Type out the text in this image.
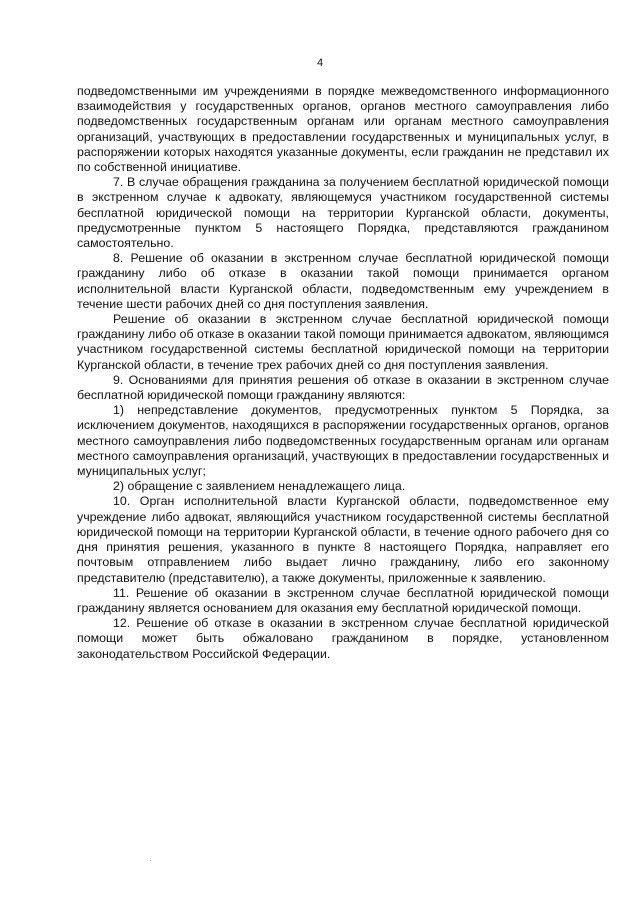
4

подведомственными им учреждениями в порядке межведомственного информационного взаимодействия у государственных органов, органов местного самоуправления либо подведомственных государственным органам или органам местного самоуправления организаций, участвующих в предоставлении государственных и муниципальных услуг, в распоряжении которых находятся указанные документы, если гражданин не представил их по собственной инициативе.

7. В случае обращения гражданина за получением бесплатной юридической помощи в экстренном случае к адвокату, являющемуся участником государственной системы бесплатной юридической помощи на территории Курганской области, документы, предусмотренные пунктом 5 настоящего Порядка, представляются гражданином самостоятельно.

8. Решение об оказании в экстренном случае бесплатной юридической помощи гражданину либо об отказе в оказании такой помощи принимается органом исполнительной власти Курганской области, подведомственным ему учреждением в течение шести рабочих дней со дня поступления заявления.

Решение об оказании в экстренном случае бесплатной юридической помощи гражданину либо об отказе в оказании такой помощи принимается адвокатом, являющимся участником государственной системы бесплатной юридической помощи на территории Курганской области, в течение трех рабочих дней со дня поступления заявления.

9. Основаниями для принятия решения об отказе в оказании в экстренном случае бесплатной юридической помощи гражданину являются:

1) непредставление документов, предусмотренных пунктом 5 Порядка, за исключением документов, находящихся в распоряжении государственных органов, органов местного самоуправления либо подведомственных государственным органам или органам местного самоуправления организаций, участвующих в предоставлении государственных и муниципальных услуг;

2) обращение с заявлением ненадлежащего лица.

10. Орган исполнительной власти Курганской области, подведомственное ему учреждение либо адвокат, являющийся участником государственной системы бесплатной юридической помощи на территории Курганской области, в течение одного рабочего дня со дня принятия решения, указанного в пункте 8 настоящего Порядка, направляет его почтовым отправлением либо выдает лично гражданину, либо его законному представителю (представителю), а также документы, приложенные к заявлению.

11. Решение об оказании в экстренном случае бесплатной юридической помощи гражданину является основанием для оказания ему бесплатной юридической помощи.

12. Решение об отказе в оказании в экстренном случае бесплатной юридической помощи может быть обжаловано гражданином в порядке, установленном законодательством Российской Федерации.
